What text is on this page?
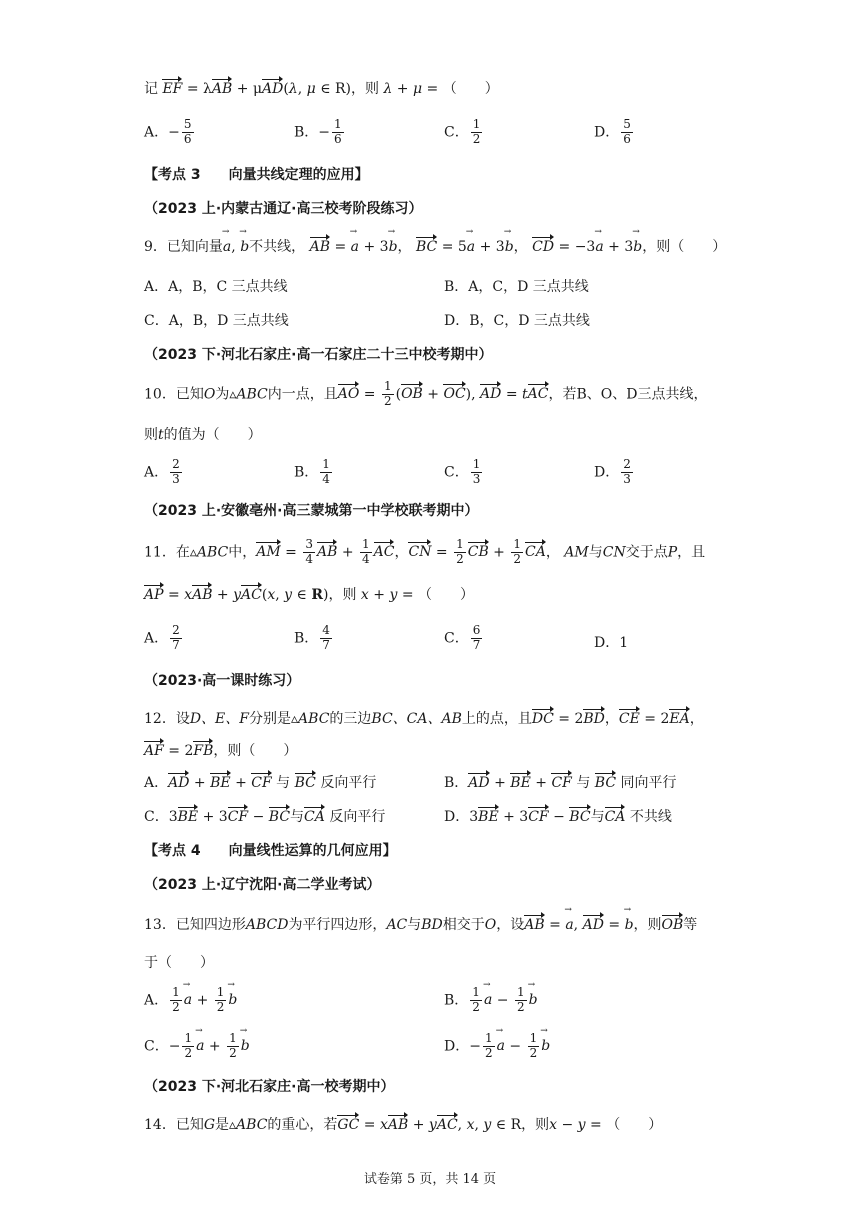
记 EF = λAB + μAD(λ, μ ∈ R)，则 λ + μ = （　　）
A．− $\frac{5}{6}$	B．− $\frac{1}{6}$	C． $\frac{1}{2}$	D． $\frac{5}{6}$
【考点 3　　向量共线定理的应用】
（2023 上·内蒙古通辽·高三校考阶段练习）
9．已知向量a →, b →不共线， AB = a → + 3b →， BC = 5a → + 3b →， CD = −3a → + 3b →，则（　　）
A．A，B，C 三点共线	B．A，C，D 三点共线
C．A，B，D 三点共线	D．B，C，D 三点共线
（2023 下·河北石家庄·高一石家庄二十三中校考期中）
10．已知O为▵ABC内一点，且AO = $\frac{1}{2} (OB + OC)$, AD = tAC，若B、O、D三点共线，
则t的值为（　　）
A． $\frac{2}{3}$	B． $\frac{1}{4}$	C． $\frac{1}{3}$	D． $\frac{2}{3}$
（2023 上·安徽亳州·高三蒙城第一中学校联考期中）
11．在▵ABC中，AM = $\frac{3}{4}$ AB + $\frac{1}{4}$ AC，CN = $\frac{1}{2}$ CB + $\frac{1}{2}$ CA， AM与CN交于点P，且
AP = xAB + yAC(x, y ∈ R)，则 x + y = （　　）
A． $\frac{2}{7}$	B． $\frac{4}{7}$	C． $\frac{6}{7}$	D．1
（2023·高一课时练习）
12．设D、E、F分别是▵ABC的三边BC、CA、AB上的点，且DC = 2BD，CE = 2EA，
AF = 2FB，则（　　）
A．AD + BE + CF 与 BC 反向平行	B．AD + BE + CF 与 BC 同向平行
C．3BE + 3CF − BC与CA 反向平行	D．3BE + 3CF − BC与CA 不共线
【考点 4　　向量线性运算的几何应用】
（2023 上·辽宁沈阳·高二学业考试）
13．已知四边形ABCD为平行四边形，AC与BD相交于O，设AB = a →, AD = b →，则OB等
于（　　）
A． $\frac{1}{2}$ a → + $\frac{1}{2}$ b →	B． $\frac{1}{2}$ a → − $\frac{1}{2}$ b →
C．− $\frac{1}{2}$ a → + $\frac{1}{2}$ b →	D．− $\frac{1}{2}$ a → − $\frac{1}{2}$ b →
（2023 下·河北石家庄·高一校考期中）
14．已知G是▵ABC的重心，若GC = xAB + yAC, x, y ∈ R，则x − y = （　　）
试卷第 5 页，共 14 页
